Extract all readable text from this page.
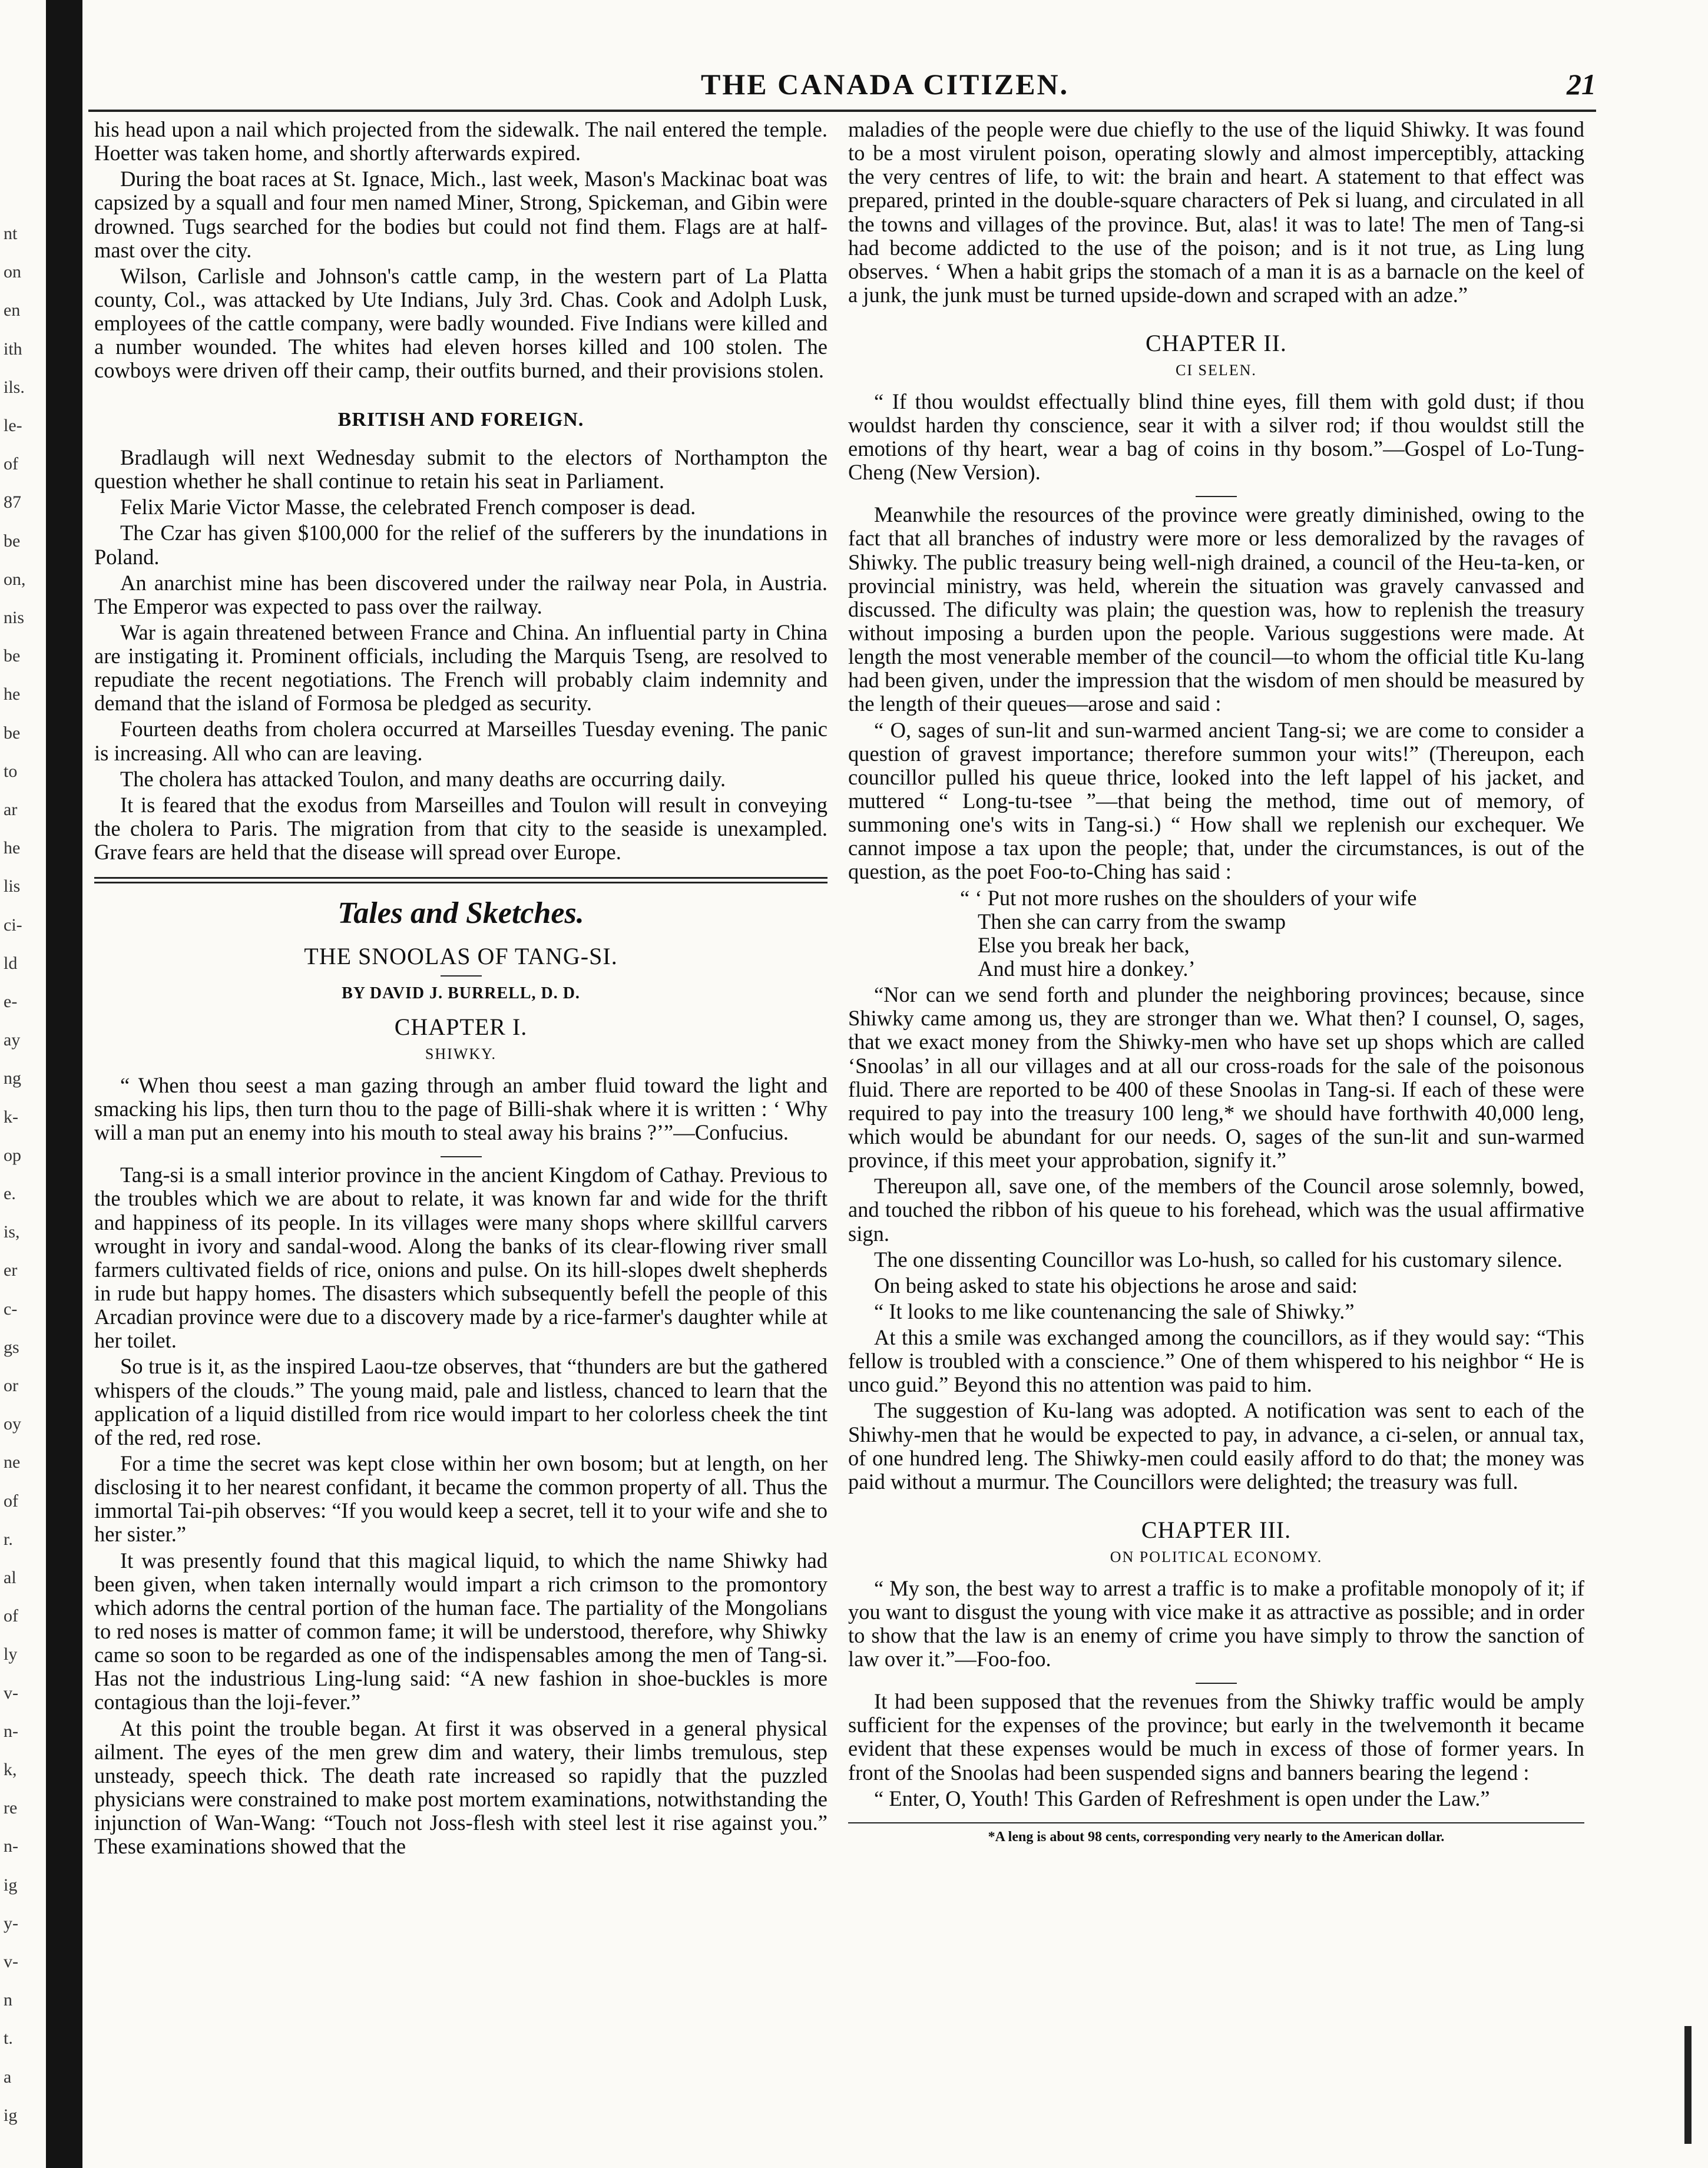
nt
on
en
ith
ils.
le-
of
87
be
on,
nis
be
he
be
to
ar
he
lis
ci-
ld
e-
ay
ng
k-
op
e.
is,
er
c-
gs
or
oy
ne
of
r.
al
of
ly
v-
n-
k,
re
n-
ig
y-
v-
n
t.
a
ig
THE CANADA CITIZEN.	21

his head upon a nail which projected from the sidewalk. The nail entered the temple. Hoetter was taken home, and shortly afterwards expired.

During the boat races at St. Ignace, Mich., last week, Mason's Mackinac boat was capsized by a squall and four men named Miner, Strong, Spickeman, and Gibin were drowned. Tugs searched for the bodies but could not find them. Flags are at half-mast over the city.

Wilson, Carlisle and Johnson's cattle camp, in the western part of La Platta county, Col., was attacked by Ute Indians, July 3rd. Chas. Cook and Adolph Lusk, employees of the cattle company, were badly wounded. Five Indians were killed and a number wounded. The whites had eleven horses killed and 100 stolen. The cowboys were driven off their camp, their outfits burned, and their provisions stolen.

BRITISH AND FOREIGN.

Bradlaugh will next Wednesday submit to the electors of Northampton the question whether he shall continue to retain his seat in Parliament.

Felix Marie Victor Masse, the celebrated French composer is dead.

The Czar has given $100,000 for the relief of the sufferers by the inundations in Poland.

An anarchist mine has been discovered under the railway near Pola, in Austria. The Emperor was expected to pass over the railway.

War is again threatened between France and China. An influential party in China are instigating it. Prominent officials, including the Marquis Tseng, are resolved to repudiate the recent negotiations. The French will probably claim indemnity and demand that the island of Formosa be pledged as security.

Fourteen deaths from cholera occurred at Marseilles Tuesday evening. The panic is increasing. All who can are leaving.

The cholera has attacked Toulon, and many deaths are occurring daily.

It is feared that the exodus from Marseilles and Toulon will result in conveying the cholera to Paris. The migration from that city to the seaside is unexampled. Grave fears are held that the disease will spread over Europe.

Tales and Sketches.
THE SNOOLAS OF TANG-SI.
BY DAVID J. BURRELL, D. D.
CHAPTER I.
SHIWKY.

“ When thou seest a man gazing through an amber fluid toward the light and smacking his lips, then turn thou to the page of Billi-shak where it is written : ‘ Why will a man put an enemy into his mouth to steal away his brains ?’”—Confucius.

Tang-si is a small interior province in the ancient Kingdom of Cathay. Previous to the troubles which we are about to relate, it was known far and wide for the thrift and happiness of its people. In its villages were many shops where skillful carvers wrought in ivory and sandal-wood. Along the banks of its clear-flowing river small farmers cultivated fields of rice, onions and pulse. On its hill-slopes dwelt shepherds in rude but happy homes. The disasters which subsequently befell the people of this Arcadian province were due to a discovery made by a rice-farmer's daughter while at her toilet.

So true is it, as the inspired Laou-tze observes, that “thunders are but the gathered whispers of the clouds.” The young maid, pale and listless, chanced to learn that the application of a liquid distilled from rice would impart to her colorless cheek the tint of the red, red rose.

For a time the secret was kept close within her own bosom; but at length, on her disclosing it to her nearest confidant, it became the common property of all. Thus the immortal Tai-pih observes: “If you would keep a secret, tell it to your wife and she to her sister.”

It was presently found that this magical liquid, to which the name Shiwky had been given, when taken internally would impart a rich crimson to the promontory which adorns the central portion of the human face. The partiality of the Mongolians to red noses is matter of common fame; it will be understood, therefore, why Shiwky came so soon to be regarded as one of the indispensables among the men of Tang-si. Has not the industrious Ling-lung said: “A new fashion in shoe-buckles is more contagious than the loji-fever.”

At this point the trouble began. At first it was observed in a general physical ailment. The eyes of the men grew dim and watery, their limbs tremulous, step unsteady, speech thick. The death rate increased so rapidly that the puzzled physicians were constrained to make post mortem examinations, notwithstanding the injunction of Wan-Wang: “Touch not Joss-flesh with steel lest it rise against you.” These examinations showed that the

maladies of the people were due chiefly to the use of the liquid Shiwky. It was found to be a most virulent poison, operating slowly and almost imperceptibly, attacking the very centres of life, to wit: the brain and heart. A statement to that effect was prepared, printed in the double-square characters of Pek si luang, and circulated in all the towns and villages of the province. But, alas! it was to late! The men of Tang-si had become addicted to the use of the poison; and is it not true, as Ling lung observes. ‘ When a habit grips the stomach of a man it is as a barnacle on the keel of a junk, the junk must be turned upside-down and scraped with an adze.”

CHAPTER II.
CI SELEN.

“ If thou wouldst effectually blind thine eyes, fill them with gold dust; if thou wouldst harden thy conscience, sear it with a silver rod; if thou wouldst still the emotions of thy heart, wear a bag of coins in thy bosom.”—Gospel of Lo-Tung-Cheng (New Version).

Meanwhile the resources of the province were greatly diminished, owing to the fact that all branches of industry were more or less demoralized by the ravages of Shiwky. The public treasury being well-nigh drained, a council of the Heu-ta-ken, or provincial ministry, was held, wherein the situation was gravely canvassed and discussed. The dificulty was plain; the question was, how to replenish the treasury without imposing a burden upon the people. Various suggestions were made. At length the most venerable member of the council—to whom the official title Ku-lang had been given, under the impression that the wisdom of men should be measured by the length of their queues—arose and said :

“ O, sages of sun-lit and sun-warmed ancient Tang-si; we are come to consider a question of gravest importance; therefore summon your wits!” (Thereupon, each councillor pulled his queue thrice, looked into the left lappel of his jacket, and muttered “ Long-tu-tsee ”—that being the method, time out of memory, of summoning one's wits in Tang-si.) “ How shall we replenish our exchequer. We cannot impose a tax upon the people; that, under the circumstances, is out of the question, as the poet Foo-to-Ching has said :

“ ‘ Put not more rushes on the shoulders of your wife
Then she can carry from the swamp
Else you break her back,
And must hire a donkey.’

“Nor can we send forth and plunder the neighboring provinces; because, since Shiwky came among us, they are stronger than we. What then? I counsel, O, sages, that we exact money from the Shiwky-men who have set up shops which are called ‘Snoolas’ in all our villages and at all our cross-roads for the sale of the poisonous fluid. There are reported to be 400 of these Snoolas in Tang-si. If each of these were required to pay into the treasury 100 leng,* we should have forthwith 40,000 leng, which would be abundant for our needs. O, sages of the sun-lit and sun-warmed province, if this meet your approbation, signify it.”

Thereupon all, save one, of the members of the Council arose solemnly, bowed, and touched the ribbon of his queue to his forehead, which was the usual affirmative sign.

The one dissenting Councillor was Lo-hush, so called for his customary silence.

On being asked to state his objections he arose and said:

“ It looks to me like countenancing the sale of Shiwky.”

At this a smile was exchanged among the councillors, as if they would say: “This fellow is troubled with a conscience.” One of them whispered to his neighbor “ He is unco guid.” Beyond this no attention was paid to him.

The suggestion of Ku-lang was adopted. A notification was sent to each of the Shiwhy-men that he would be expected to pay, in advance, a ci-selen, or annual tax, of one hundred leng. The Shiwky-men could easily afford to do that; the money was paid without a murmur. The Councillors were delighted; the treasury was full.

CHAPTER III.
ON POLITICAL ECONOMY.

“ My son, the best way to arrest a traffic is to make a profitable monopoly of it; if you want to disgust the young with vice make it as attractive as possible; and in order to show that the law is an enemy of crime you have simply to throw the sanction of law over it.”—Foo-foo.

It had been supposed that the revenues from the Shiwky traffic would be amply sufficient for the expenses of the province; but early in the twelvemonth it became evident that these expenses would be much in excess of those of former years. In front of the Snoolas had been suspended signs and banners bearing the legend :

“ Enter, O, Youth! This Garden of Refreshment is open under the Law.”

*A leng is about 98 cents, corresponding very nearly to the American dollar.
